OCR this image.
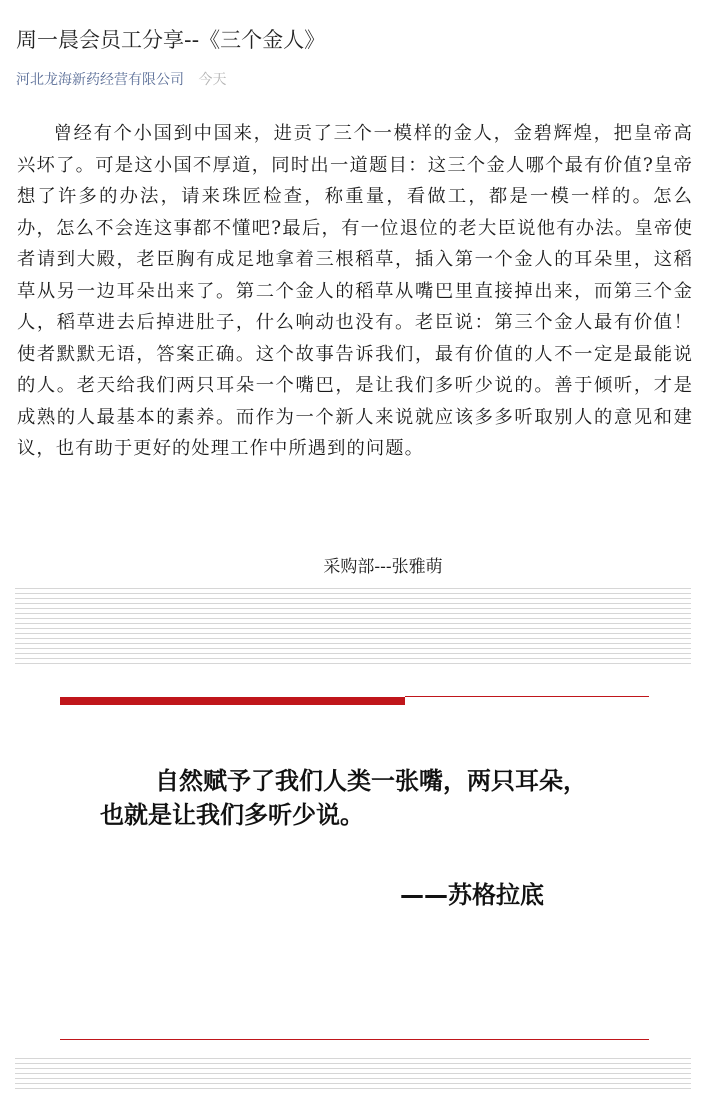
周一晨会员工分享--《三个金人》
河北龙海新药经营有限公司 今天

曾经有个小国到中国来，进贡了三个一模样的金人，金碧辉煌，把皇帝高兴坏了。可是这小国不厚道，同时出一道题目：这三个金人哪个最有价值?皇帝想了许多的办法，请来珠匠检查，称重量，看做工，都是一模一样的。怎么办，怎么不会连这事都不懂吧?最后，有一位退位的老大臣说他有办法。皇帝使者请到大殿，老臣胸有成足地拿着三根稻草，插入第一个金人的耳朵里，这稻草从另一边耳朵出来了。第二个金人的稻草从嘴巴里直接掉出来，而第三个金人，稻草进去后掉进肚子，什么响动也没有。老臣说：第三个金人最有价值！使者默默无语，答案正确。这个故事告诉我们，最有价值的人不一定是最能说的人。老天给我们两只耳朵一个嘴巴，是让我们多听少说的。善于倾听，才是成熟的人最基本的素养。而作为一个新人来说就应该多多听取别人的意见和建议，也有助于更好的处理工作中所遇到的问题。

采购部---张雅萌
自然赋予了我们人类一张嘴，两只耳朵，
也就是让我们多听少说。
——苏格拉底
